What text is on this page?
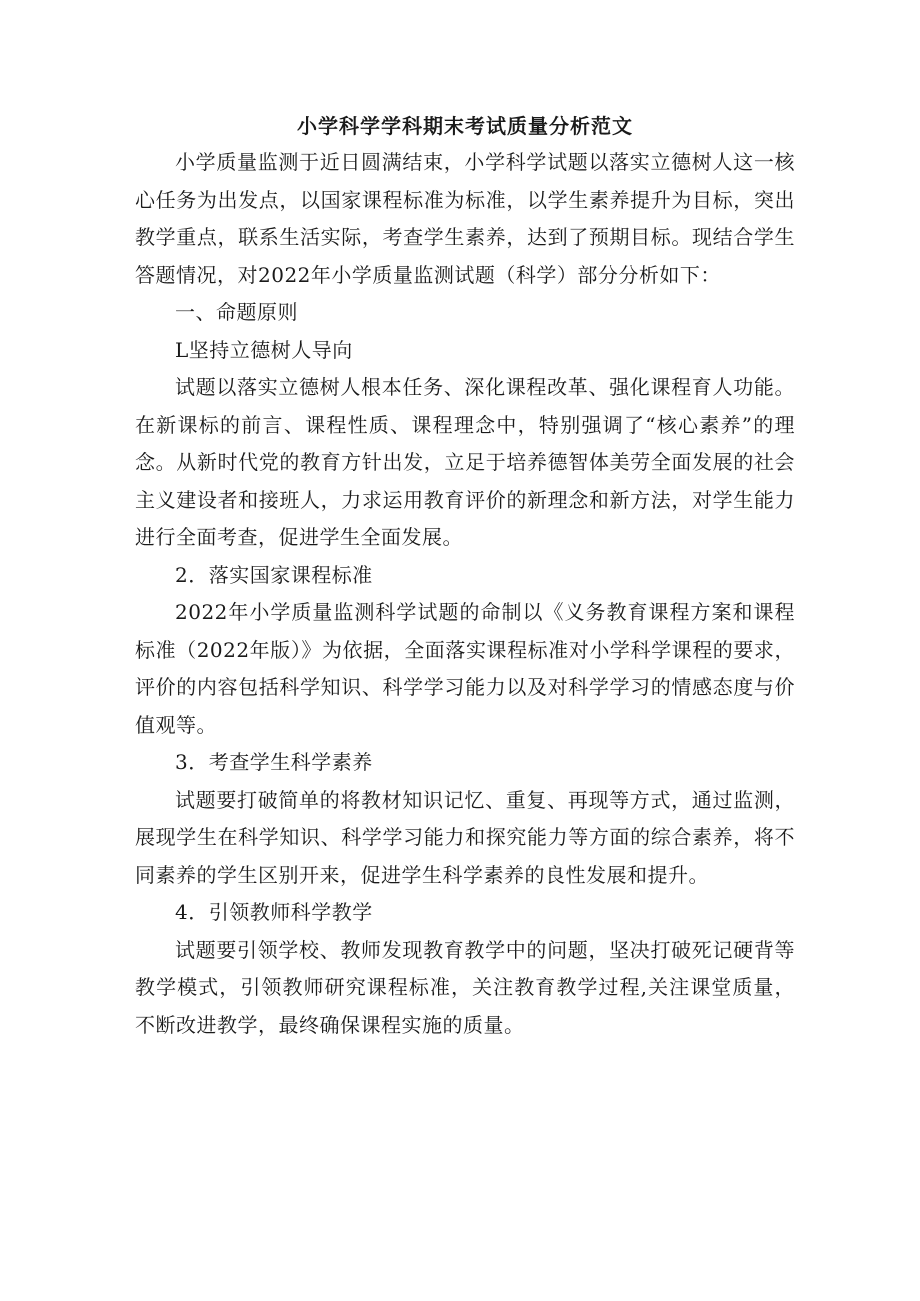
小学科学学科期末考试质量分析范文

小学质量监测于近日圆满结束，小学科学试题以落实立德树人这一核心任务为出发点，以国家课程标准为标准，以学生素养提升为目标，突出教学重点，联系生活实际，考查学生素养，达到了预期目标。现结合学生答题情况，对2022年小学质量监测试题（科学）部分分析如下：

一、命题原则

L坚持立德树人导向

试题以落实立德树人根本任务、深化课程改革、强化课程育人功能。在新课标的前言、课程性质、课程理念中，特别强调了“核心素养”的理念。从新时代党的教育方针出发，立足于培养德智体美劳全面发展的社会主义建设者和接班人，力求运用教育评价的新理念和新方法，对学生能力进行全面考查，促进学生全面发展。

2．落实国家课程标准

2022年小学质量监测科学试题的命制以《义务教育课程方案和课程标准（2022年版）》为依据，全面落实课程标准对小学科学课程的要求，评价的内容包括科学知识、科学学习能力以及对科学学习的情感态度与价值观等。

3．考查学生科学素养

试题要打破简单的将教材知识记忆、重复、再现等方式，通过监测，展现学生在科学知识、科学学习能力和探究能力等方面的综合素养，将不同素养的学生区别开来，促进学生科学素养的良性发展和提升。

4．引领教师科学教学

试题要引领学校、教师发现教育教学中的问题，坚决打破死记硬背等教学模式，引领教师研究课程标准，关注教育教学过程,关注课堂质量，不断改进教学，最终确保课程实施的质量。
